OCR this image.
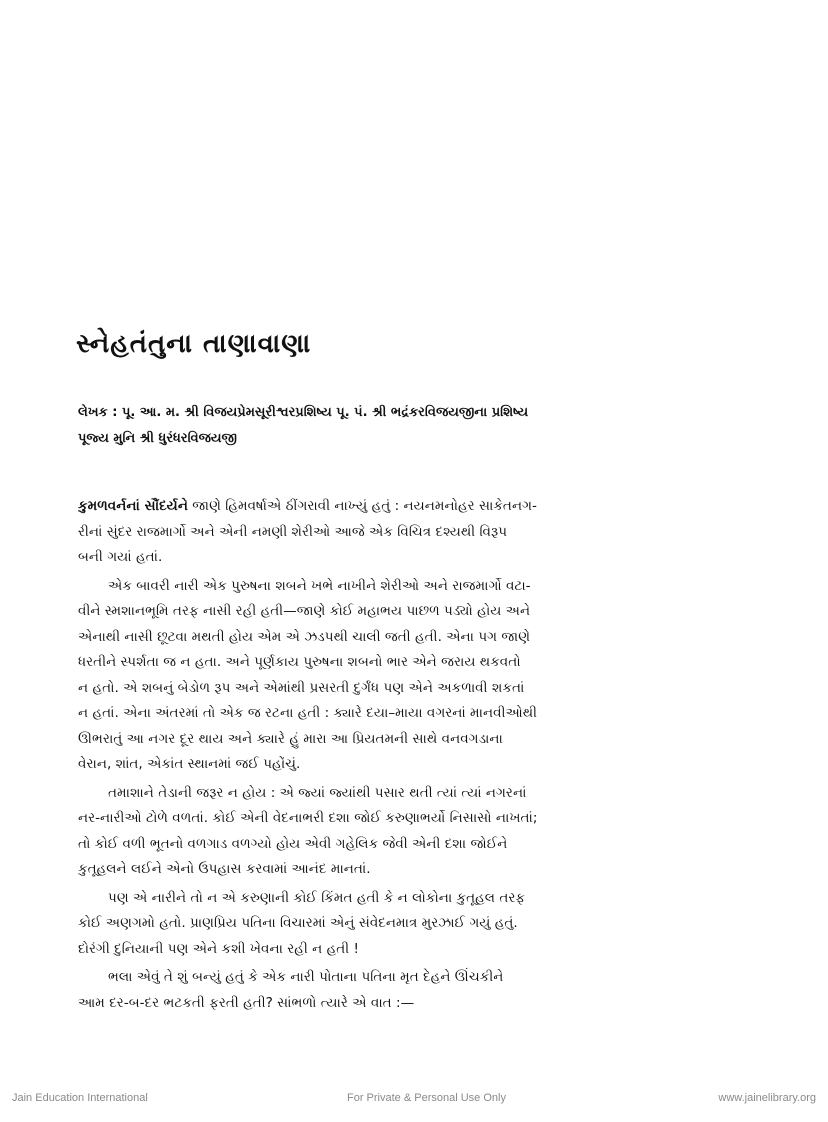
સ્નેહતંતુના તાણાવાણા
લેખક : પૂ. આ. મ. શ્રી વિજયપ્રેમસૂરીશ્વરપ્રશિષ્ય પૂ. પં. શ્રી ભદ્રંકરવિજયજીના પ્રશિષ્ય
પૂજ્ય મુનિ શ્રી ધુરંધરવિજયજી
કુમળવર્નનાં સૌંદર્યને જાણે હિમવર્ષાએ ઠીંગરાવી નાખ્યું હતું : નયનમનોહર સાકેતનગ-
રીનાં સુંદર રાજમાર્ગો અને એની નમણી શેરીઓ આજે એક વિચિત્ર દશ્યથી વિરૂપ
બની ગયાં હતાં.
એક બાવરી નારી એક પુરુષના શબને ખભે નાખીને શેરીઓ અને રાજમાર્ગો વટા-
વીને સ્મશાનભૂમિ તરફ નાસી રહી હતી—જાણે કોઈ મહાભય પાછળ પડ્યો હોય અને
એનાથી નાસી છૂટવા મથતી હોય એમ એ ઝડપથી ચાલી જતી હતી. એના પગ જાણે
ધરતીને સ્પર્શતા જ ન હતા. અને પૂર્ણકાય પુરુષના શબનો ભાર એને જરાય થકવતો
ન હતો. એ શબનું બેડોળ રૂપ અને એમાંથી પ્રસરતી દુર્ગંધ પણ એને અકળાવી શકતાં
ન હતાં. એના અંતરમાં તો એક જ રટના હતી : ક્યારે દયા–માયા વગરનાં માનવીઓથી
ઊભરાતું આ નગર દૂર થાય અને ક્યારે હું મારા આ પ્રિયતમની સાથે વનવગડાના
વેરાન, શાંત, એકાંત સ્થાનમાં જઈ પહોંચું.
તમાશાને તેડાની જરૂર ન હોય : એ જ્યાં જ્યાંથી પસાર થતી ત્યાં ત્યાં નગરનાં
નર-નારીઓ ટોળે વળતાં. કોઈ એની વેદનાભરી દશા જોઈ કરુણાભર્યો નિસાસો નાખતાં;
તો કોઈ વળી ભૂતનો વળગાડ વળગ્યો હોય એવી ગહેલિક જેવી એની દશા જોઈને
કુતૂહલને લઈને એનો ઉપહાસ કરવામાં આનંદ માનતાં.
પણ એ નારીને તો ન એ કરુણાની કોઈ કિંમત હતી કે ન લોકોના કુતૂહલ તરફ
કોઈ અણગમો હતો. પ્રાણપ્રિય પતિના વિચારમાં એનું સંવેદનમાત્ર મુરઝાઈ ગયું હતું.
દોરંગી દુનિયાની પણ એને કશી ખેવના રહી ન હતી !
ભલા એવું તે શું બન્યું હતું કે એક નારી પોતાના પતિના મૃત દેહને ઊંચકીને
આમ દર-બ-દર ભટકતી ફરતી હતી? સાંભળો ત્યારે એ વાત :—
Jain Education International	For Private & Personal Use Only	www.jainelibrary.org
